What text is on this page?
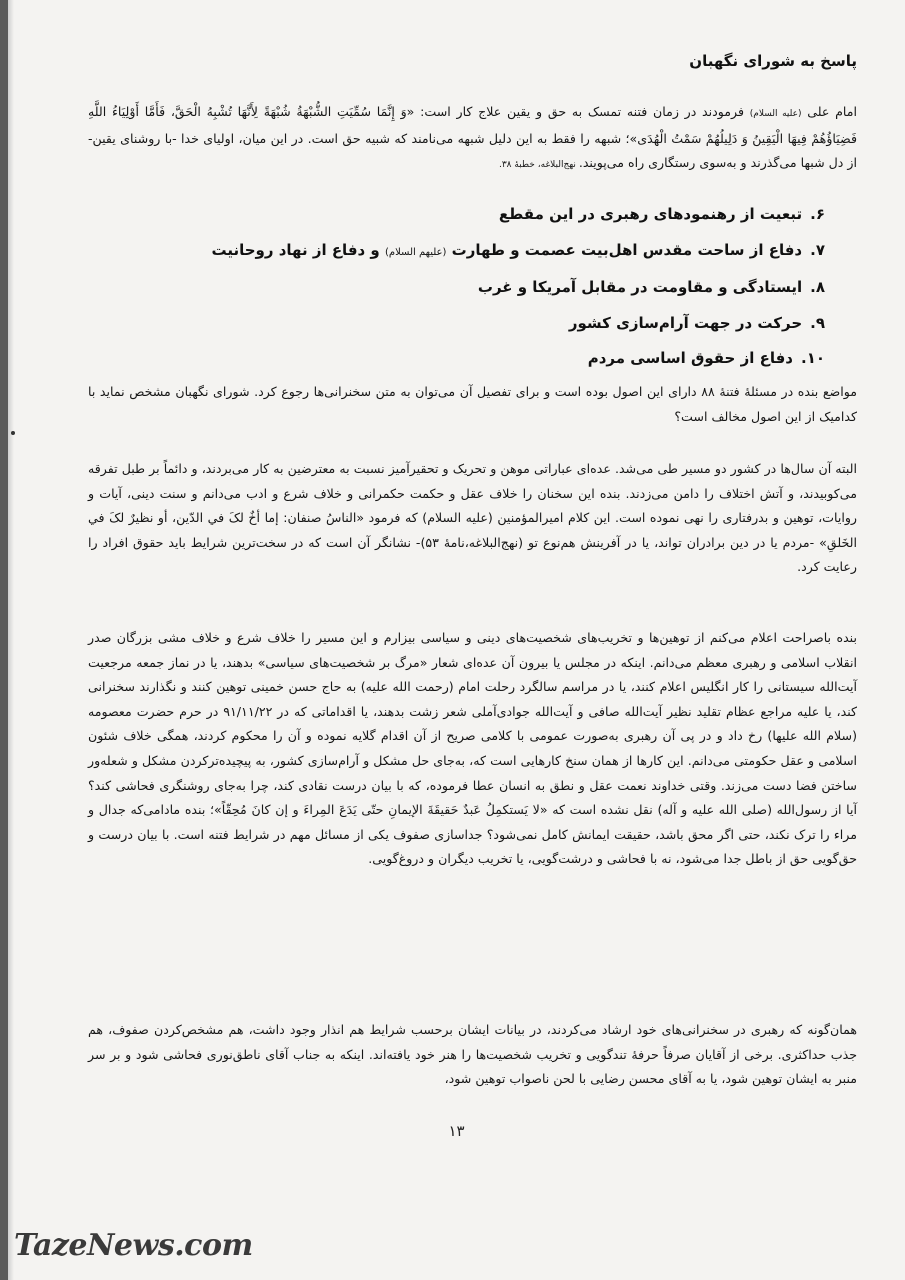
پاسخ به شورای نگهبان

امام علی (علیه السلام) فرمودند در زمان فتنه تمسک به حق و یقین علاج کار است: «وَ إِنَّمَا سُمِّيَتِ الشُّبْهَةُ شُبْهَةً لِأَنَّهَا تُشْبِهُ الْحَقَّ، فَأَمَّا أَوْلِيَاءُ اللَّهِ فَضِيَاؤُهُمْ فِيهَا الْيَقِينُ وَ دَلِيلُهُمْ سَمْتُ الْهُدَى»؛ شبهه را فقط به این دلیل شبهه می‌نامند که شبیه حق است. در این میان، اولیای خدا -با روشنای یقین- از دل شبها می‌گذرند و به‌سوی رستگاری راه می‌پویند. نهج‌البلاغه، خطبۀ ۳۸.

۶.تبعیت از رهنمودهای رهبری در این مقطع
۷.دفاع از ساحت مقدس اهل‌بیت عصمت و طهارت (علیهم السلام) و دفاع از نهاد روحانیت
۸.ایستادگی و مقاومت در مقابل آمریکا و غرب
۹.حرکت در جهت آرام‌سازی کشور
۱۰.دفاع از حقوق اساسی مردم

مواضع بنده در مسئلۀ فتنۀ ۸۸ دارای این اصول بوده است و برای تفصیل آن می‌توان به متن سخنرانی‌ها رجوع کرد. شورای نگهبان مشخص نماید با کدامیک از این اصول مخالف است؟

البته آن سال‌ها در کشور دو مسیر طی می‌شد. عده‌ای عباراتی موهن و تحریک و تحقیرآمیز نسبت به معترضین به کار می‌بردند، و دائماً بر طبل تفرقه می‌کوبیدند، و آتش اختلاف را دامن می‌زدند. بنده این سخنان را خلاف عقل و حکمت حکمرانی و خلاف شرع و ادب می‌دانم و سنت دینی، آیات و روایات، توهین و بدرفتاری را نهی نموده است. این کلام امیرالمؤمنین (علیه السلام) که فرمود «الناسُ صنفان: إما أخٌ لکَ في الدّين، أو نظيرٌ لکَ في الخَلقِ» -مردم یا در دین برادران تواند، یا در آفرینش هم‌نوع تو (نهج‌البلاغه،نامۀ ۵۳)- نشانگر آن است که در سخت‌ترین شرایط باید حقوق افراد را رعایت کرد.

بنده باصراحت اعلام می‌کنم از توهین‌ها و تخریب‌های شخصیت‌های دینی و سیاسی بیزارم و این مسیر را خلاف شرع و خلاف مشی بزرگان صدر انقلاب اسلامی و رهبری معظم می‌دانم. اینکه در مجلس یا بیرون آن عده‌ای شعار «مرگ بر شخصیت‌های سیاسی» بدهند، یا در نماز جمعه مرجعیت آیت‌الله سیستانی را کار انگلیس اعلام کنند، یا در مراسم سالگرد رحلت امام (رحمت الله علیه) به حاج حسن خمینی توهین کنند و نگذارند سخنرانی کند، یا علیه مراجع عظام تقلید نظیر آیت‌الله صافی و آیت‌الله جوادی‌آملی شعر زشت بدهند، یا اقداماتی که در ۹۱/۱۱/۲۲ در حرم حضرت معصومه (سلام الله علیها) رخ داد و در پی آن رهبری به‌صورت عمومی با کلامی صریح از آن اقدام گلایه نموده و آن را محکوم کردند، همگی خلاف شئون اسلامی و عقل حکومتی می‌دانم. این کارها از همان سنخ کارهایی است که، به‌جای حل مشکل و آرام‌سازی کشور، به پیچیده‌ترکردن مشکل و شعله‌ور ساختن فضا دست می‌زند. وقتی خداوند نعمت عقل و نطق به انسان عطا فرموده، که با بیان درست نقادی کند، چرا به‌جای روشنگری فحاشی کند؟ آیا از رسول‌الله (صلی الله علیه و آله) نقل نشده است که «لا يَستكمِلُ عَبدٌ حَقيقَةَ الإيمانِ حتّى يَدَعَ المِراءَ و إن كانَ مُحِقّاً»؛ بنده مادامی‌که جدال و مراء را ترک نکند، حتی اگر محق باشد، حقیقت ایمانش کامل نمی‌شود؟ جداسازی صفوف یکی از مسائل مهم در شرایط فتنه است. با بیان درست و حق‌گویی حق از باطل جدا می‌شود، نه با فحاشی و درشت‌گویی، یا تخریب دیگران و دروغ‌گویی.

همان‌گونه که رهبری در سخنرانی‌های خود ارشاد می‌کردند، در بیانات ایشان برحسب شرایط هم انذار وجود داشت، هم مشخص‌کردن صفوف، هم جذب حداکثری. برخی از آقایان صرفاً حرفۀ تندگویی و تخریب شخصیت‌ها را هنر خود یافته‌اند. اینکه به جناب آقای ناطق‌نوری فحاشی شود و بر سر منبر به ایشان توهین شود، یا به آقای محسن رضایی با لحن ناصواب توهین شود،

۱۳
TazeNews.com
